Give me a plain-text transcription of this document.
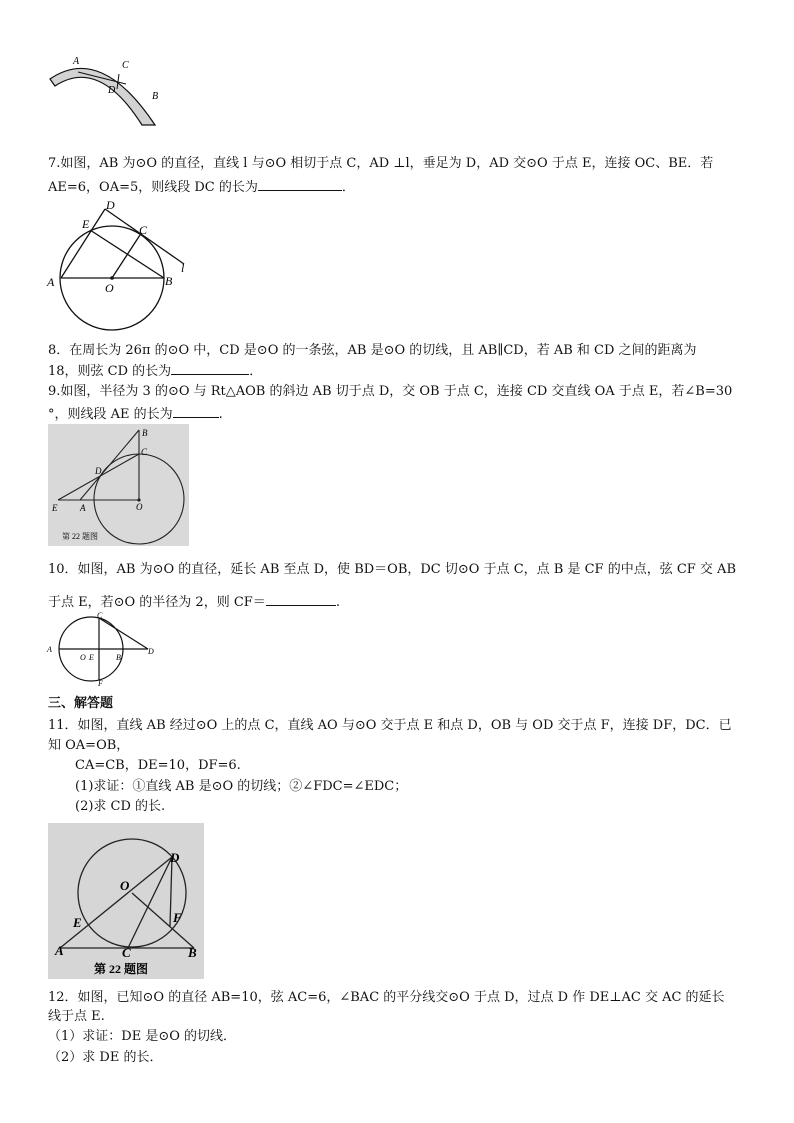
A	C
D
B
7.如图，AB 为⊙O 的直径，直线 l 与⊙O 相切于点 C，AD ⊥l，垂足为 D，AD 交⊙O 于点 E，连接 OC、BE．若
AE=6，OA=5，则线段 DC 的长为	．
D
E	C
A	O	B
l
8．在周长为 26π 的⊙O 中，CD 是⊙O 的一条弦，AB 是⊙O 的切线，且 AB∥CD，若 AB 和 CD 之间的距离为
18，则弦 CD 的长为	．
9.如图，半径为 3 的⊙O 与 Rt△AOB 的斜边 AB 切于点 D，交 OB 于点 C，连接 CD 交直线 OA 于点 E，若∠B=30
°，则线段 AE 的长为	.
B
C
D
E	A	O
第 22 题图
10．如图，AB 为⊙O 的直径，延长 AB 至点 D，使 BD＝OB，DC 切⊙O 于点 C，点 B 是 CF 的中点，弦 CF 交 AB
于点 E，若⊙O 的半径为 2，则 CF＝	.
C
A
O E	B
D
F
三、解答题
11．如图，直线 AB 经过⊙O 上的点 C，直线 AO 与⊙O 交于点 E 和点 D，OB 与 OD 交于点 F，连接 DF，DC．已
知 OA=OB，
CA=CB，DE=10，DF=6.
(1)求证：①直线 AB 是⊙O 的切线；②∠FDC=∠EDC；
(2)求 CD 的长.
D
O
E	F
A	C	B
第 22 题图
12．如图，已知⊙O 的直径 AB=10，弦 AC=6，∠BAC 的平分线交⊙O 于点 D，过点 D 作 DE⊥AC 交 AC 的延长
线于点 E.
（1）求证：DE 是⊙O 的切线．
（2）求 DE 的长．
